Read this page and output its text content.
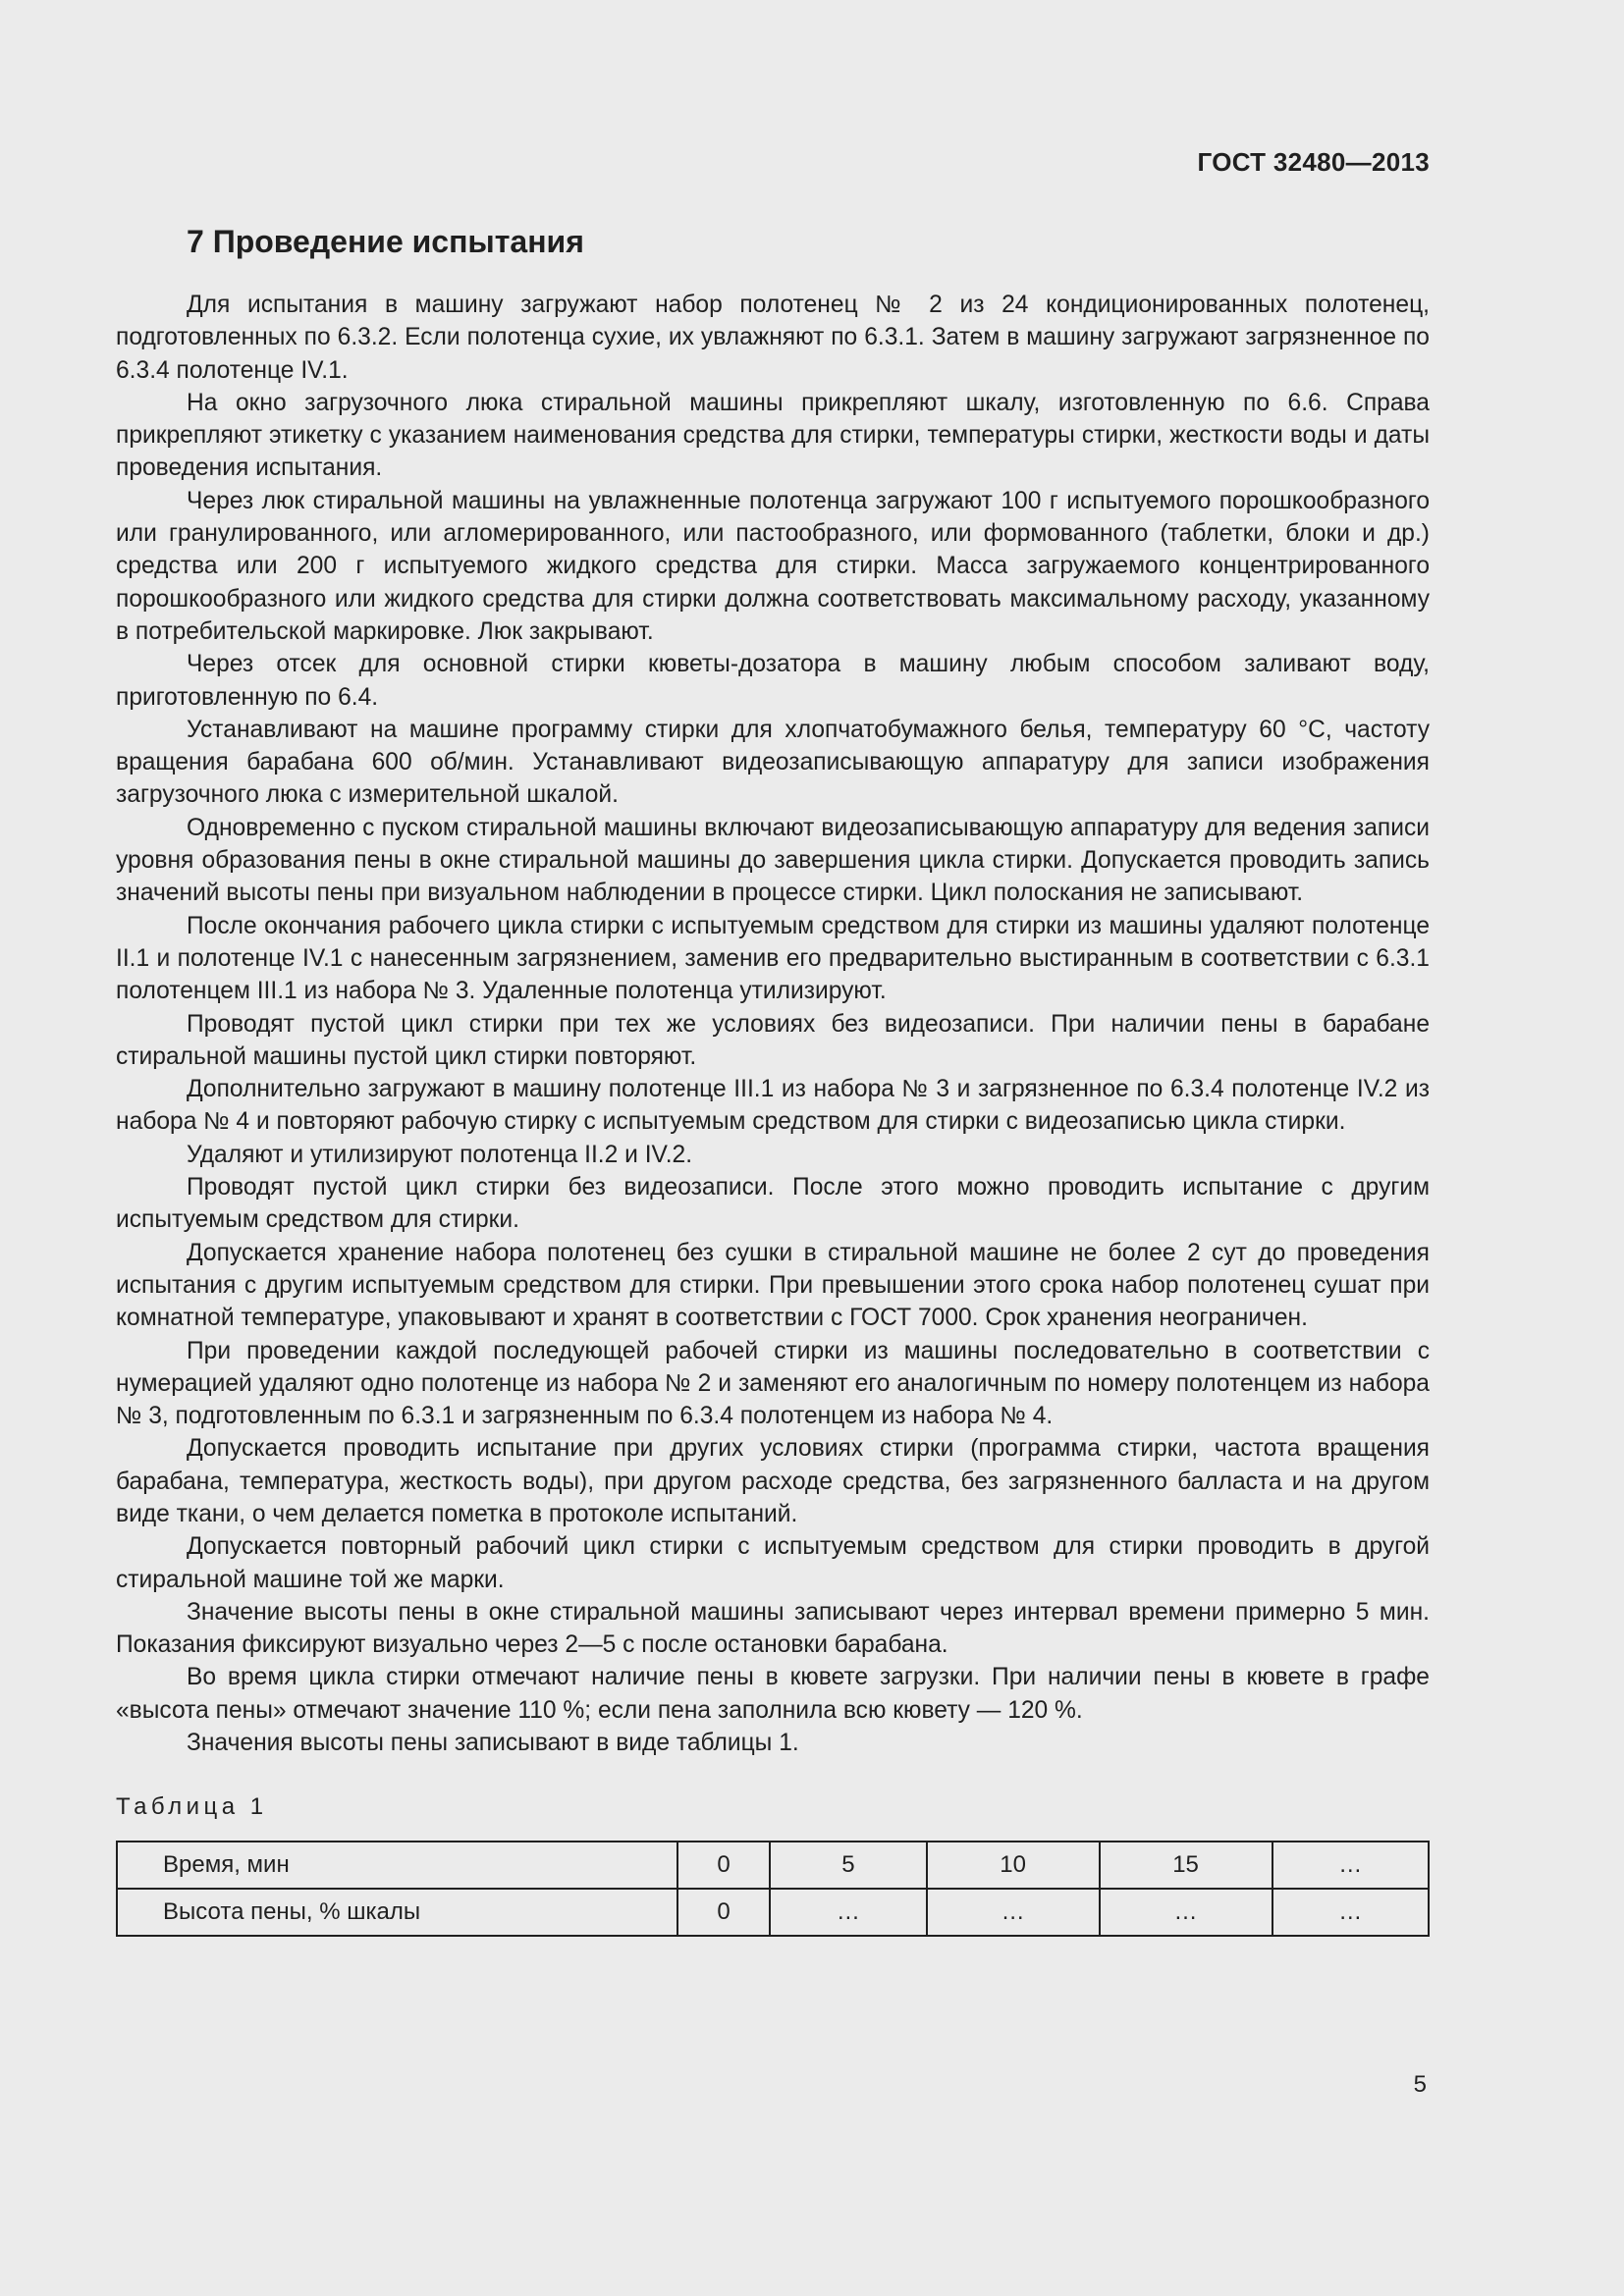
ГОСТ 32480—2013
7 Проведение испытания

Для испытания в машину загружают набор полотенец № 2 из 24 кондиционированных полотенец, подготовленных по 6.3.2. Если полотенца сухие, их увлажняют по 6.3.1. Затем в машину загружают загрязненное по 6.3.4 полотенце IV.1.

На окно загрузочного люка стиральной машины прикрепляют шкалу, изготовленную по 6.6. Справа прикрепляют этикетку с указанием наименования средства для стирки, температуры стирки, жесткости воды и даты проведения испытания.

Через люк стиральной машины на увлажненные полотенца загружают 100 г испытуемого порошкообразного или гранулированного, или агломерированного, или пастообразного, или формованного (таблетки, блоки и др.) средства или 200 г испытуемого жидкого средства для стирки. Масса загружаемого концентрированного порошкообразного или жидкого средства для стирки должна соответствовать максимальному расходу, указанному в потребительской маркировке. Люк закрывают.

Через отсек для основной стирки кюветы-дозатора в машину любым способом заливают воду, приготовленную по 6.4.

Устанавливают на машине программу стирки для хлопчатобумажного белья, температуру 60 °C, частоту вращения барабана 600 об/мин. Устанавливают видеозаписывающую аппаратуру для записи изображения загрузочного люка с измерительной шкалой.

Одновременно с пуском стиральной машины включают видеозаписывающую аппаратуру для ведения записи уровня образования пены в окне стиральной машины до завершения цикла стирки. Допускается проводить запись значений высоты пены при визуальном наблюдении в процессе стирки. Цикл полоскания не записывают.

После окончания рабочего цикла стирки с испытуемым средством для стирки из машины удаляют полотенце II.1 и полотенце IV.1 с нанесенным загрязнением, заменив его предварительно выстиранным в соответствии с 6.3.1 полотенцем III.1 из набора № 3. Удаленные полотенца утилизируют.

Проводят пустой цикл стирки при тех же условиях без видеозаписи. При наличии пены в барабане стиральной машины пустой цикл стирки повторяют.

Дополнительно загружают в машину полотенце III.1 из набора № 3 и загрязненное по 6.3.4 полотенце IV.2 из набора № 4 и повторяют рабочую стирку с испытуемым средством для стирки с видеозаписью цикла стирки.

Удаляют и утилизируют полотенца II.2 и IV.2.

Проводят пустой цикл стирки без видеозаписи. После этого можно проводить испытание с другим испытуемым средством для стирки.

Допускается хранение набора полотенец без сушки в стиральной машине не более 2 сут до проведения испытания с другим испытуемым средством для стирки. При превышении этого срока набор полотенец сушат при комнатной температуре, упаковывают и хранят в соответствии с ГОСТ 7000. Срок хранения неограничен.

При проведении каждой последующей рабочей стирки из машины последовательно в соответствии с нумерацией удаляют одно полотенце из набора № 2 и заменяют его аналогичным по номеру полотенцем из набора № 3, подготовленным по 6.3.1 и загрязненным по 6.3.4 полотенцем из набора № 4.

Допускается проводить испытание при других условиях стирки (программа стирки, частота вращения барабана, температура, жесткость воды), при другом расходе средства, без загрязненного балласта и на другом виде ткани, о чем делается пометка в протоколе испытаний.

Допускается повторный рабочий цикл стирки с испытуемым средством для стирки проводить в другой стиральной машине той же марки.

Значение высоты пены в окне стиральной машины записывают через интервал времени примерно 5 мин. Показания фиксируют визуально через 2—5 с после остановки барабана.

Во время цикла стирки отмечают наличие пены в кювете загрузки. При наличии пены в кювете в графе «высота пены» отмечают значение 110 %; если пена заполнила всю кювету — 120 %.

Значения высоты пены записывают в виде таблицы 1.

Таблица 1
Время, мин	0	5	10	15	…
Высота пены, % шкалы	0	…	…	…	…
5
